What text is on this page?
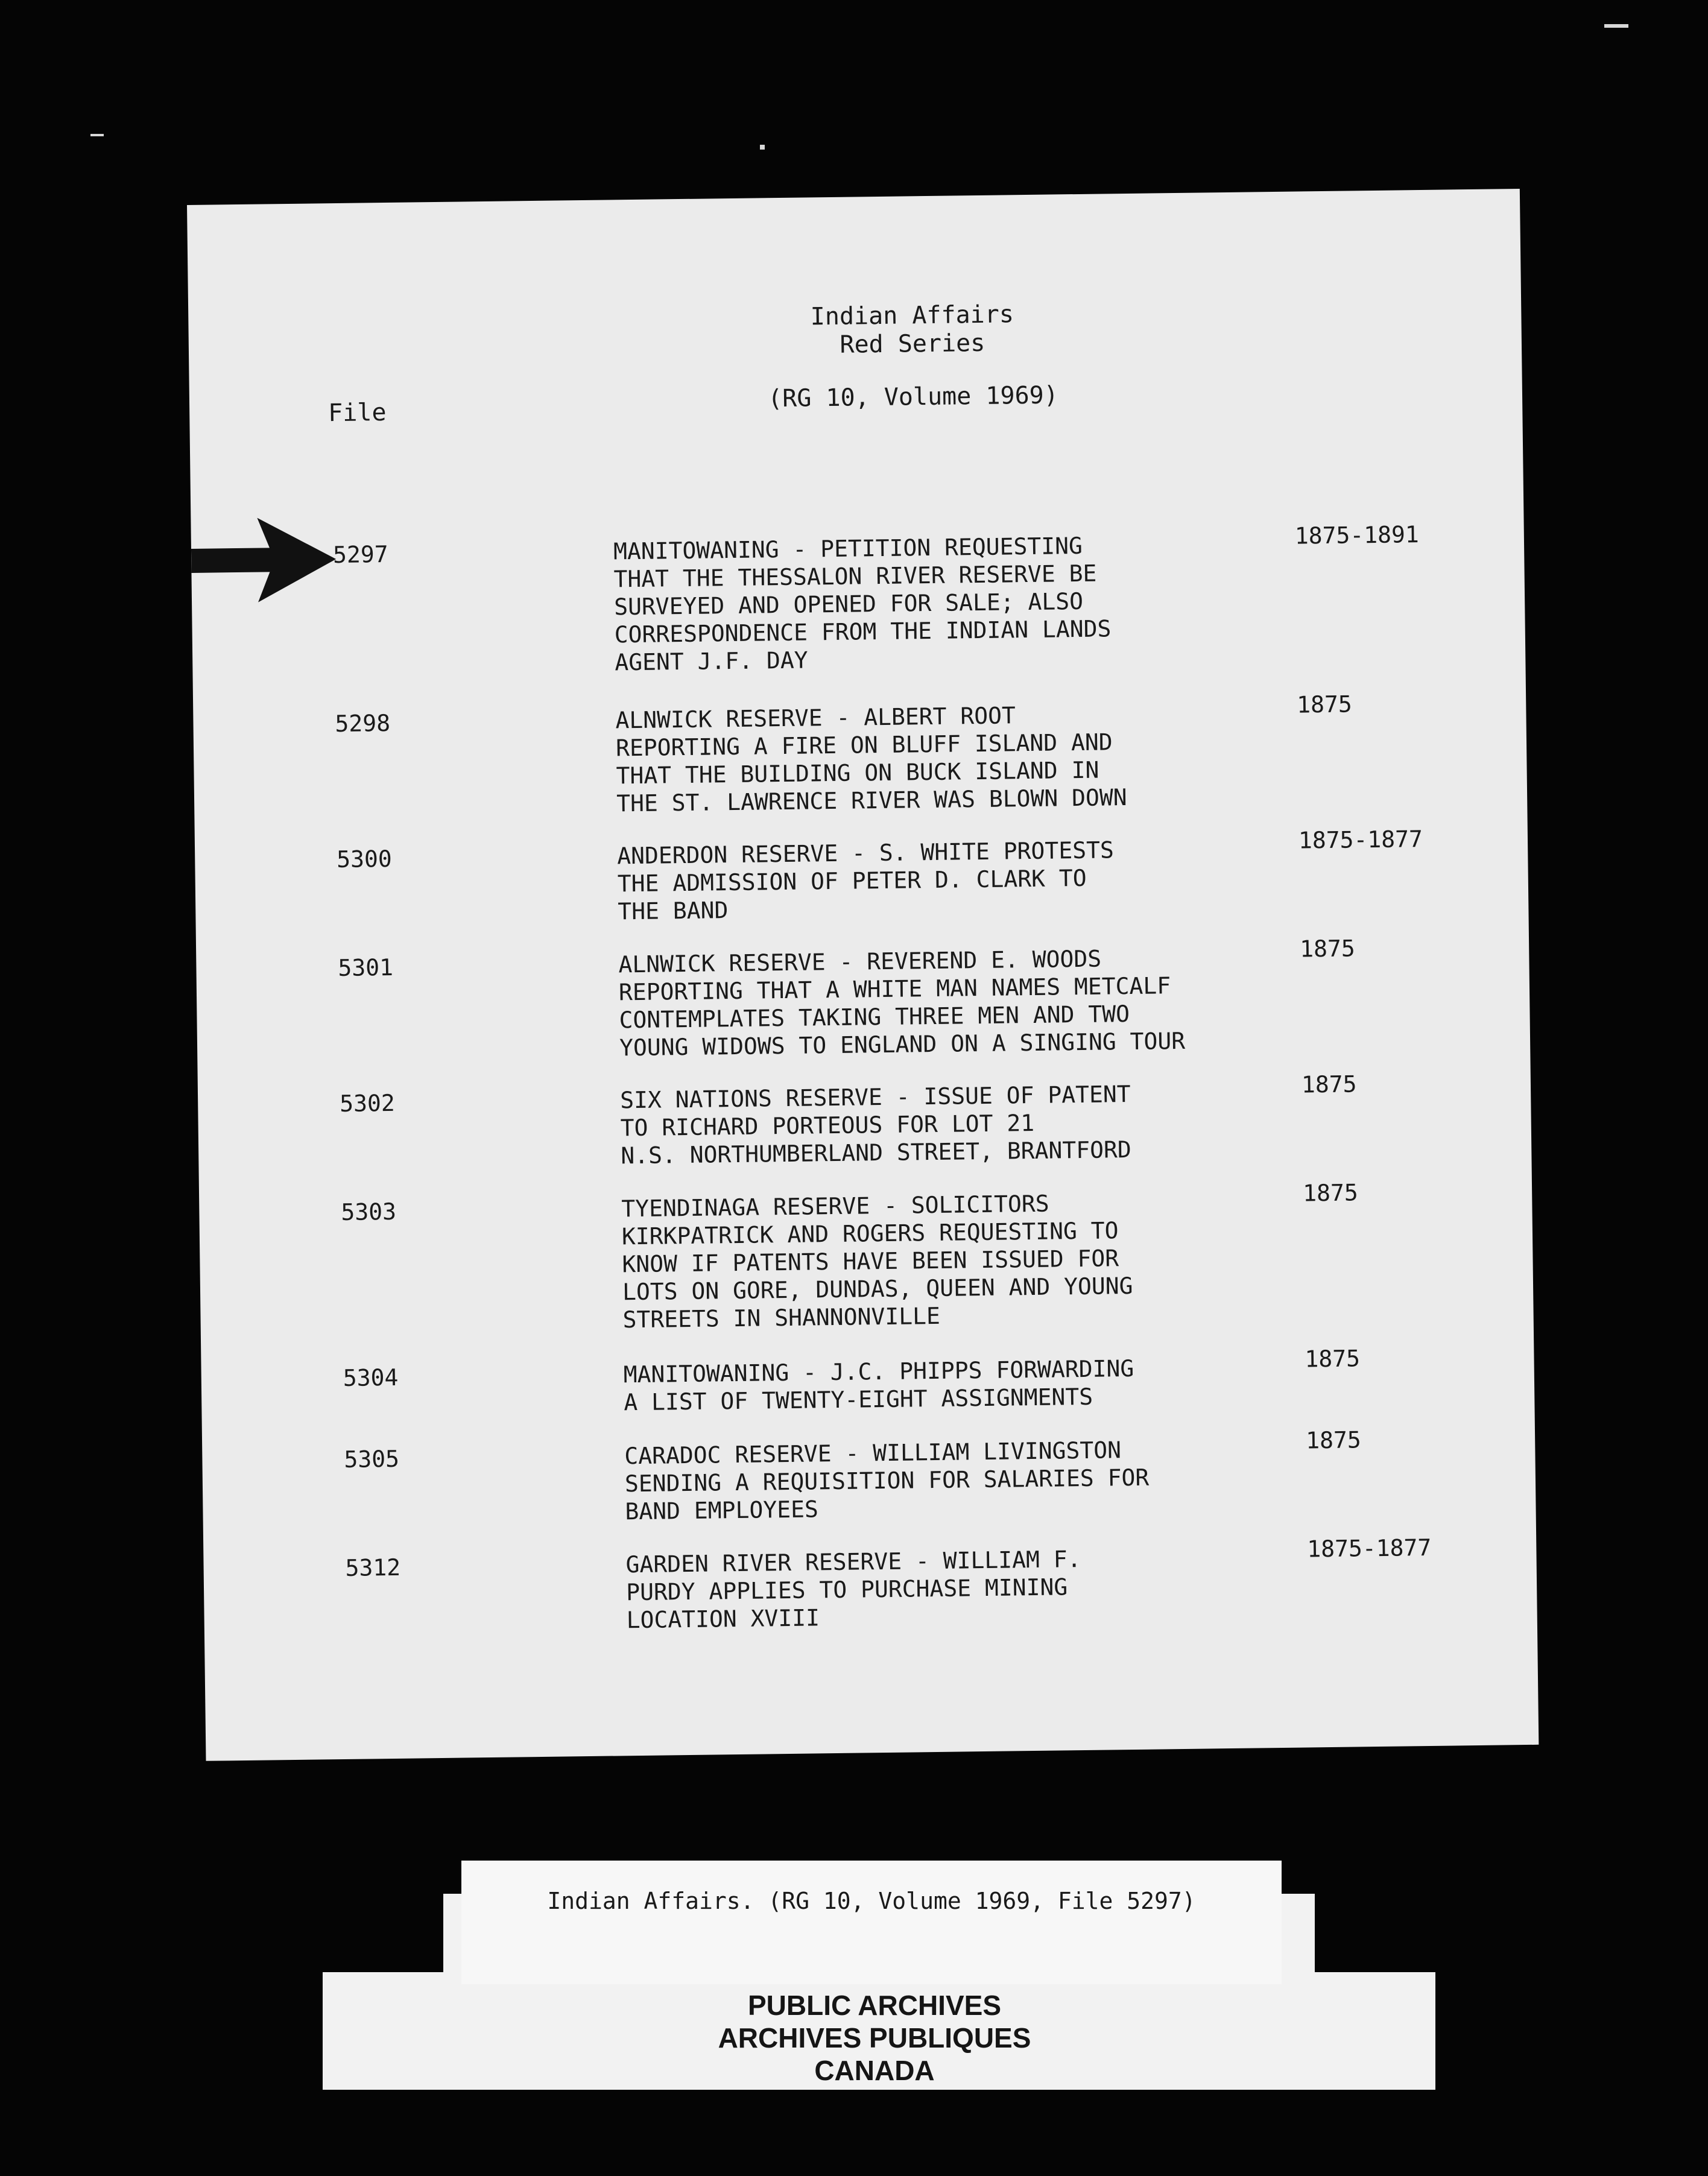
Indian Affairs
Red Series
(RG 10, Volume 1969)
File
5297	MANITOWANING - PETITION REQUESTING
THAT THE THESSALON RIVER RESERVE BE
SURVEYED AND OPENED FOR SALE; ALSO
CORRESPONDENCE FROM THE INDIAN LANDS
AGENT J.F. DAY
1875-1891
5298	ALNWICK RESERVE - ALBERT ROOT
REPORTING A FIRE ON BLUFF ISLAND AND
THAT THE BUILDING ON BUCK ISLAND IN
THE ST. LAWRENCE RIVER WAS BLOWN DOWN
1875
5300	ANDERDON RESERVE - S. WHITE PROTESTS
THE ADMISSION OF PETER D. CLARK TO
THE BAND
1875-1877
5301	ALNWICK RESERVE - REVEREND E. WOODS
REPORTING THAT A WHITE MAN NAMES METCALF
CONTEMPLATES TAKING THREE MEN AND TWO
YOUNG WIDOWS TO ENGLAND ON A SINGING TOUR
1875
5302	SIX NATIONS RESERVE - ISSUE OF PATENT
TO RICHARD PORTEOUS FOR LOT 21
N.S. NORTHUMBERLAND STREET, BRANTFORD
1875
5303	TYENDINAGA RESERVE - SOLICITORS
KIRKPATRICK AND ROGERS REQUESTING TO
KNOW IF PATENTS HAVE BEEN ISSUED FOR
LOTS ON GORE, DUNDAS, QUEEN AND YOUNG
STREETS IN SHANNONVILLE
1875
5304	MANITOWANING - J.C. PHIPPS FORWARDING
A LIST OF TWENTY-EIGHT ASSIGNMENTS
1875
5305	CARADOC RESERVE - WILLIAM LIVINGSTON
SENDING A REQUISITION FOR SALARIES FOR
BAND EMPLOYEES
1875
5312	GARDEN RIVER RESERVE - WILLIAM F.
PURDY APPLIES TO PURCHASE MINING
LOCATION XVIII
1875-1877
Indian Affairs. (RG 10, Volume 1969, File 5297)
PUBLIC ARCHIVES
ARCHIVES PUBLIQUES
CANADA
